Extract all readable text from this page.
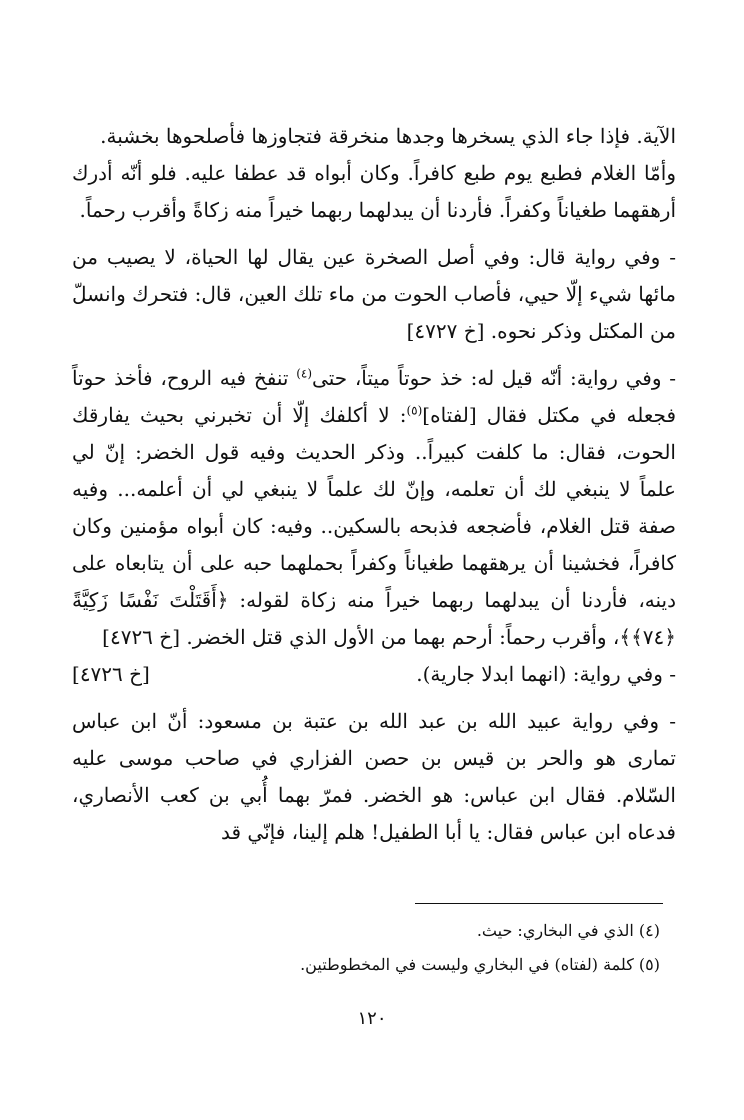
الآية. فإذا جاء الذي يسخرها وجدها منخرقة فتجاوزها فأصلحوها بخشبة.

وأمّا الغلام فطبع يوم طبع كافراً. وكان أبواه قد عطفا عليه. فلو أنّه أدرك أرهقهما طغياناً وكفراً. فأردنا أن يبدلهما ربهما خيراً منه زكاةً وأقرب رحماً.

- وفي رواية قال: وفي أصل الصخرة عين يقال لها الحياة، لا يصيب من مائها شيء إلّا حيي، فأصاب الحوت من ماء تلك العين، قال: فتحرك وانسلّ من المكتل وذكر نحوه. [خ ٤٧٢٧]
- وفي رواية: أنّه قيل له: خذ حوتاً ميتاً، حتى$^{(٤)}$ تنفخ فيه الروح، فأخذ حوتاً فجعله في مكتل فقال [لفتاه]$^{(٥)}$: لا أكلفك إلّا أن تخبرني بحيث يفارقك الحوت، فقال: ما كلفت كبيراً.. وذكر الحديث وفيه قول الخضر: إنّ لي علماً لا ينبغي لك أن تعلمه، وإنّ لك علماً لا ينبغي لي أن أعلمه... وفيه صفة قتل الغلام، فأضجعه فذبحه بالسكين.. وفيه: كان أبواه مؤمنين وكان كافراً، فخشينا أن يرهقهما طغياناً وكفراً بحملهما حبه على أن يتابعاه على دينه، فأردنا أن يبدلهما ربهما خيراً منه زكاة لقوله: ﴿أَقَتَلْتَ نَفْسًا زَكِيَّةً ﴿٧٤﴾﴾، وأقرب رحماً: أرحم بهما من الأول الذي قتل الخضر. [خ ٤٧٢٦]
- وفي رواية: (انهما ابدلا جارية).
[خ ٤٧٢٦]

- وفي رواية عبيد الله بن عبد الله بن عتبة بن مسعود: أنّ ابن عباس تمارى هو والحر بن قيس بن حصن الفزاري في صاحب موسى عليه السّلام. فقال ابن عباس: هو الخضر. فمرّ بهما أُبي بن كعب الأنصاري، فدعاه ابن عباس فقال: يا أبا الطفيل! هلم إلينا، فإنّي قد

(٤) الذي في البخاري: حيث.

(٥) كلمة (لفتاه) في البخاري وليست في المخطوطتين.

١٢٠
